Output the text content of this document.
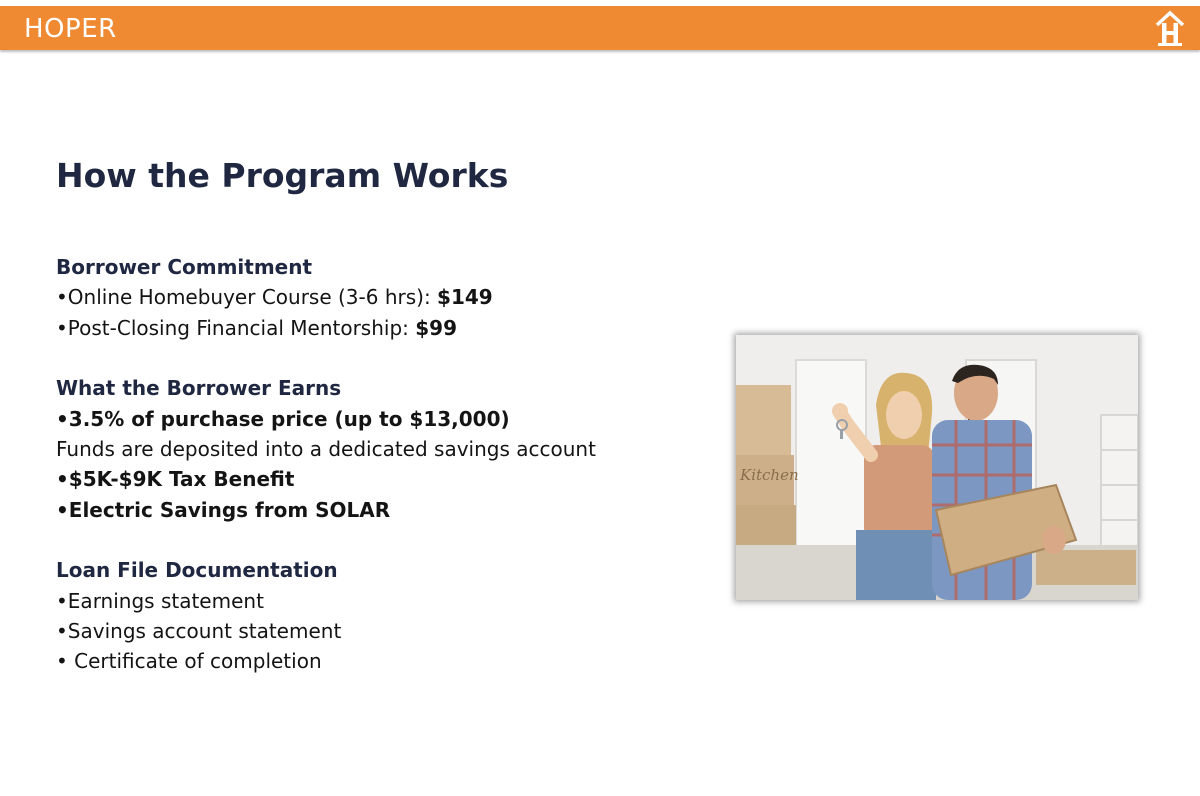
HOPER
How the Program Works
Borrower Commitment
•Online Homebuyer Course (3-6 hrs): $149
•Post-Closing Financial Mentorship: $99
What the Borrower Earns
•3.5% of purchase price (up to $13,000)
Funds are deposited into a dedicated savings account
•$5K-$9K Tax Benefit
•Electric Savings from SOLAR
Loan File Documentation
•Earnings statement
•Savings account statement
• Certificate of completion
Kitchen
